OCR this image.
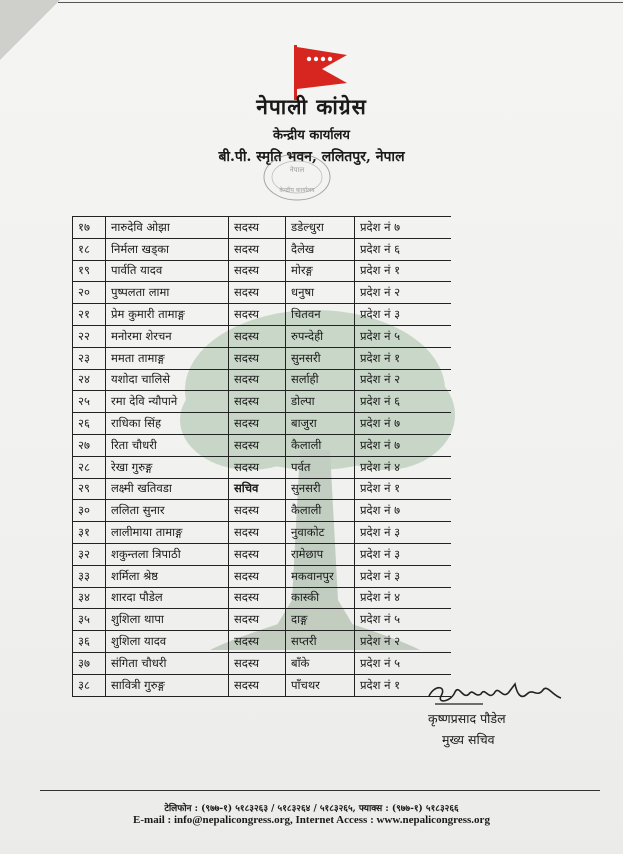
नेपाली कांग्रेस
केन्द्रीय कार्यालय
बी.पी. स्मृति भवन, ललितपुर, नेपाल
नेपाल
केन्द्रीय कार्यालय
१७	नारुदेवि ओझा	सदस्य	डडेल्धुरा	प्रदेश नं ७
१८	निर्मला खड्का	सदस्य	दैलेख	प्रदेश नं ६
१९	पार्वति यादव	सदस्य	मोरङ्ग	प्रदेश नं १
२०	पुष्पलता लामा	सदस्य	धनुषा	प्रदेश नं २
२१	प्रेम कुमारी तामाङ्ग	सदस्य	चितवन	प्रदेश नं ३
२२	मनोरमा शेरचन	सदस्य	रुपन्देही	प्रदेश नं ५
२३	ममता तामाङ्ग	सदस्य	सुनसरी	प्रदेश नं १
२४	यशोदा चालिसे	सदस्य	सर्लाही	प्रदेश नं २
२५	रमा देवि न्यौपाने	सदस्य	डोल्पा	प्रदेश नं ६
२६	राधिका सिंह	सदस्य	बाजुरा	प्रदेश नं ७
२७	रिता चौधरी	सदस्य	कैलाली	प्रदेश नं ७
२८	रेखा गुरुङ्ग	सदस्य	पर्वत	प्रदेश नं ४
२९	लक्ष्मी खतिवडा	सचिव	सुनसरी	प्रदेश नं १
३०	ललिता सुनार	सदस्य	कैलाली	प्रदेश नं ७
३१	लालीमाया तामाङ्ग	सदस्य	नुवाकोट	प्रदेश नं ३
३२	शकुन्तला त्रिपाठी	सदस्य	रामेछाप	प्रदेश नं ३
३३	शर्मिला श्रेष्ठ	सदस्य	मकवानपुर	प्रदेश नं ३
३४	शारदा पौडेल	सदस्य	कास्की	प्रदेश नं ४
३५	शुशिला थापा	सदस्य	दाङ्ग	प्रदेश नं ५
३६	शुशिला यादव	सदस्य	सप्तरी	प्रदेश नं २
३७	संगिता चौधरी	सदस्य	बाँके	प्रदेश नं ५
३८	सावित्री गुरुङ्ग	सदस्य	पाँचथर	प्रदेश नं १
कृष्णप्रसाद पौडेल
मुख्य सचिव
टेलिफोन : (९७७-१) ५१८३२६३ / ५१८३२६४ / ५१८३२६५, फ्याक्स : (९७७-१) ५१८३२६६
E-mail : info@nepalicongress.org, Internet Access : www.nepalicongress.org
